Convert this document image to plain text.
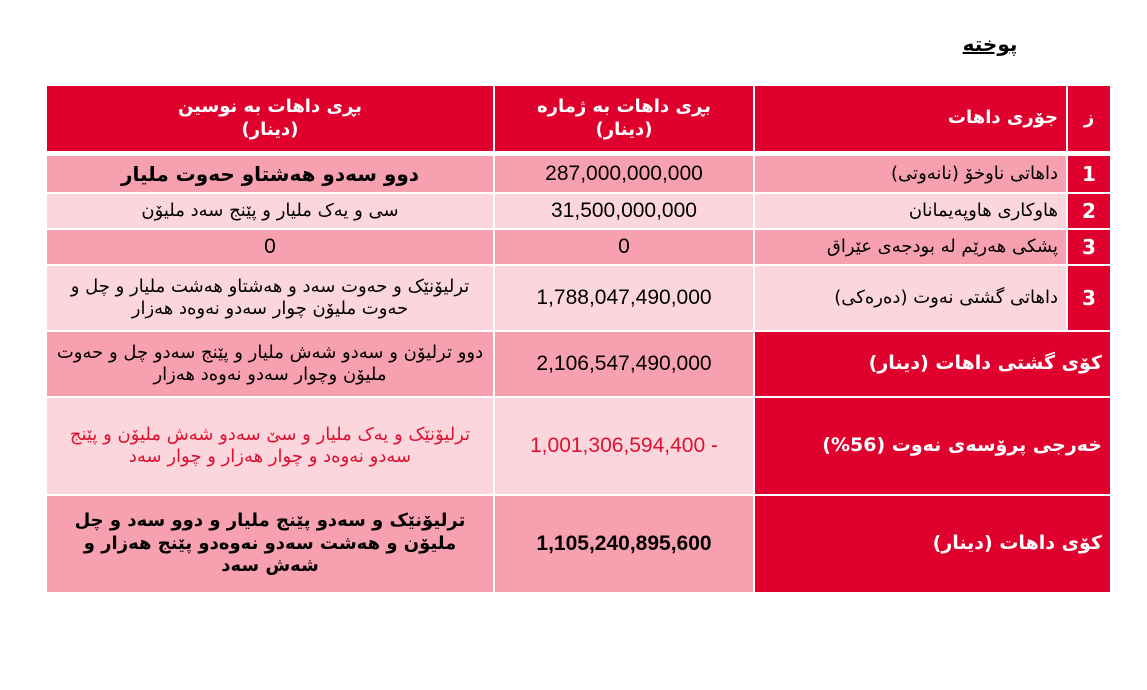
پوختە
ز	جۆری داهات	بڕی داهات بە ژمارە
(دینار)	بڕی داهات بە نوسین
(دینار)
1	داهاتی ناوخۆ (نانەوتی)	287,000,000,000	دوو سەدو هەشتاو حەوت ملیار
2	هاوکاری هاوپەیمانان	31,500,000,000	سی و یەک ملیار و پێنج سەد ملیۆن
3	پشکی هەرێم لە بودجەی عێراق	0	0
3	داهاتی گشتی نەوت (دەرەکی)	1,788,047,490,000	ترلیۆنێک و حەوت سەد و هەشتاو هەشت ملیار و چل و حەوت ملیۆن چوار سەدو نەوەد هەزار
کۆی گشتی داهات (دینار)		2,106,547,490,000	دوو ترلیۆن و سەدو شەش ملیار و پێنج سەدو چل و حەوت ملیۆن وچوار سەدو نەوەد هەزار
خەرجی پرۆسەی نەوت (56%)		1,001,306,594,400 -	ترلیۆنێک و یەک ملیار و سێ سەدو شەش ملیۆن و پێنج سەدو نەوەد و چوار هەزار و چوار سەد
کۆی داهات (دینار)		1,105,240,895,600	ترلیۆنێک و سەدو پێنج ملیار و دوو سەد و چل ملیۆن و هەشت سەدو نەوەدو پێنج هەزار و شەش سەد
